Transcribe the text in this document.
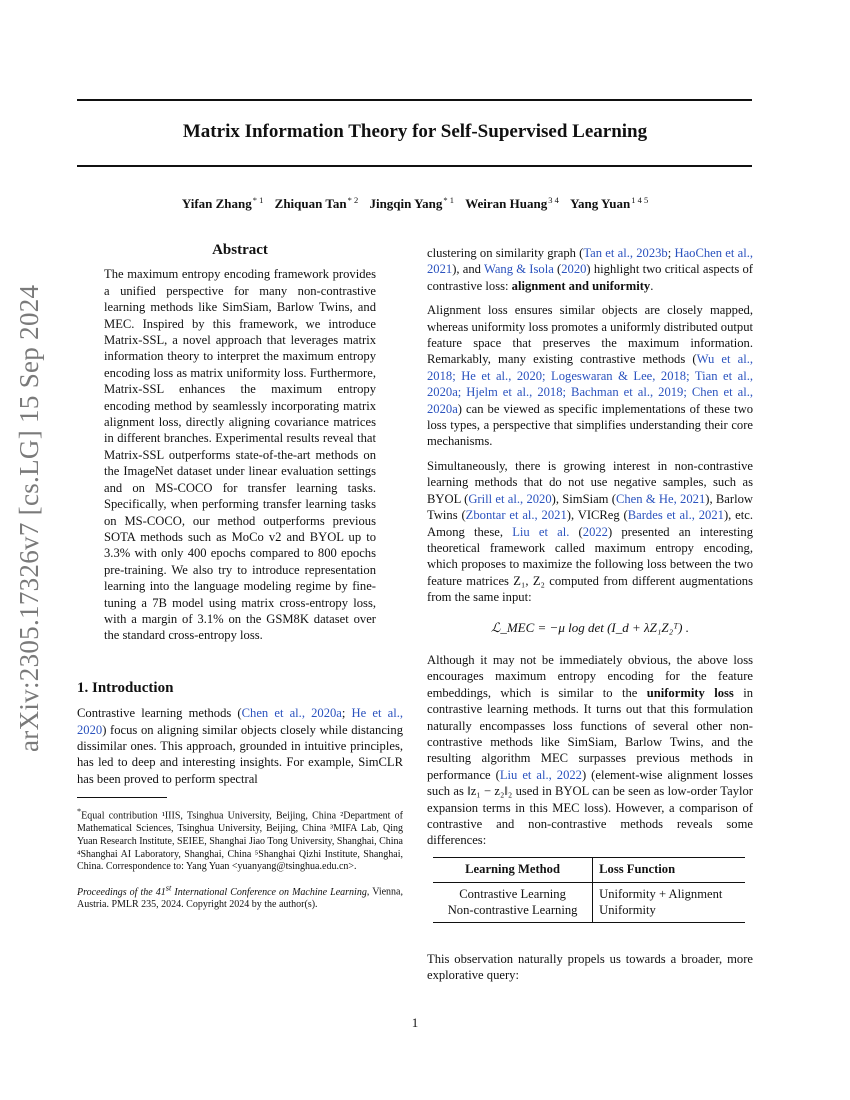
Matrix Information Theory for Self-Supervised Learning
Yifan Zhang$^{* 1}$ Zhiquan Tan$^{* 2}$ Jingqin Yang$^{* 1}$ Weiran Huang$^{3 4}$ Yang Yuan$^{1 4 5}$
arXiv:2305.17326v7 [cs.LG] 15 Sep 2024
Abstract

The maximum entropy encoding framework provides a unified perspective for many non-contrastive learning methods like SimSiam, Barlow Twins, and MEC. Inspired by this framework, we introduce Matrix-SSL, a novel approach that leverages matrix information theory to interpret the maximum entropy encoding loss as matrix uniformity loss. Furthermore, Matrix-SSL enhances the maximum entropy encoding method by seamlessly incorporating matrix alignment loss, directly aligning covariance matrices in different branches. Experimental results reveal that Matrix-SSL outperforms state-of-the-art methods on the ImageNet dataset under linear evaluation settings and on MS-COCO for transfer learning tasks. Specifically, when performing transfer learning tasks on MS-COCO, our method outperforms previous SOTA methods such as MoCo v2 and BYOL up to 3.3% with only 400 epochs compared to 800 epochs pre-training. We also try to introduce representation learning into the language modeling regime by fine-tuning a 7B model using matrix cross-entropy loss, with a margin of 3.1% on the GSM8K dataset over the standard cross-entropy loss.

1. Introduction

Contrastive learning methods (Chen et al., 2020a; He et al., 2020) focus on aligning similar objects closely while distancing dissimilar ones. This approach, grounded in intuitive principles, has led to deep and interesting insights. For example, SimCLR has been proved to perform spectral

*Equal contribution ¹IIIS, Tsinghua University, Beijing, China ²Department of Mathematical Sciences, Tsinghua University, Beijing, China ³MIFA Lab, Qing Yuan Research Institute, SEIEE, Shanghai Jiao Tong University, Shanghai, China ⁴Shanghai AI Laboratory, Shanghai, China ⁵Shanghai Qizhi Institute, Shanghai, China. Correspondence to: Yang Yuan <yuanyang@tsinghua.edu.cn>.

Proceedings of the 41st International Conference on Machine Learning, Vienna, Austria. PMLR 235, 2024. Copyright 2024 by the author(s).

clustering on similarity graph (Tan et al., 2023b; HaoChen et al., 2021), and Wang & Isola (2020) highlight two critical aspects of contrastive loss: alignment and uniformity.

Alignment loss ensures similar objects are closely mapped, whereas uniformity loss promotes a uniformly distributed output feature space that preserves the maximum information. Remarkably, many existing contrastive methods (Wu et al., 2018; He et al., 2020; Logeswaran & Lee, 2018; Tian et al., 2020a; Hjelm et al., 2018; Bachman et al., 2019; Chen et al., 2020a) can be viewed as specific implementations of these two loss types, a perspective that simplifies understanding their core mechanisms.

Simultaneously, there is growing interest in non-contrastive learning methods that do not use negative samples, such as BYOL (Grill et al., 2020), SimSiam (Chen & He, 2021), Barlow Twins (Zbontar et al., 2021), VICReg (Bardes et al., 2021), etc. Among these, Liu et al. (2022) presented an interesting theoretical framework called maximum entropy encoding, which proposes to maximize the following loss between the two feature matrices Z₁, Z₂ computed from different augmentations from the same input:

ℒ_MEC = −μ log det (I_d + λZ₁Z₂ᵀ) .

Although it may not be immediately obvious, the above loss encourages maximum entropy encoding for the feature embeddings, which is similar to the uniformity loss in contrastive learning methods. It turns out that this formulation naturally encompasses loss functions of several other non-contrastive methods like SimSiam, Barlow Twins, and the resulting algorithm MEC surpasses previous methods in performance (Liu et al., 2022) (element-wise alignment losses such as ‖z₁ − z₂‖₂ used in BYOL can be seen as low-order Taylor expansion terms in this MEC loss). However, a comparison of contrastive and non-contrastive methods reveals some differences:

Learning Method	Loss Function
Contrastive Learning	Uniformity + Alignment
Non-contrastive Learning	Uniformity

This observation naturally propels us towards a broader, more explorative query:

1
